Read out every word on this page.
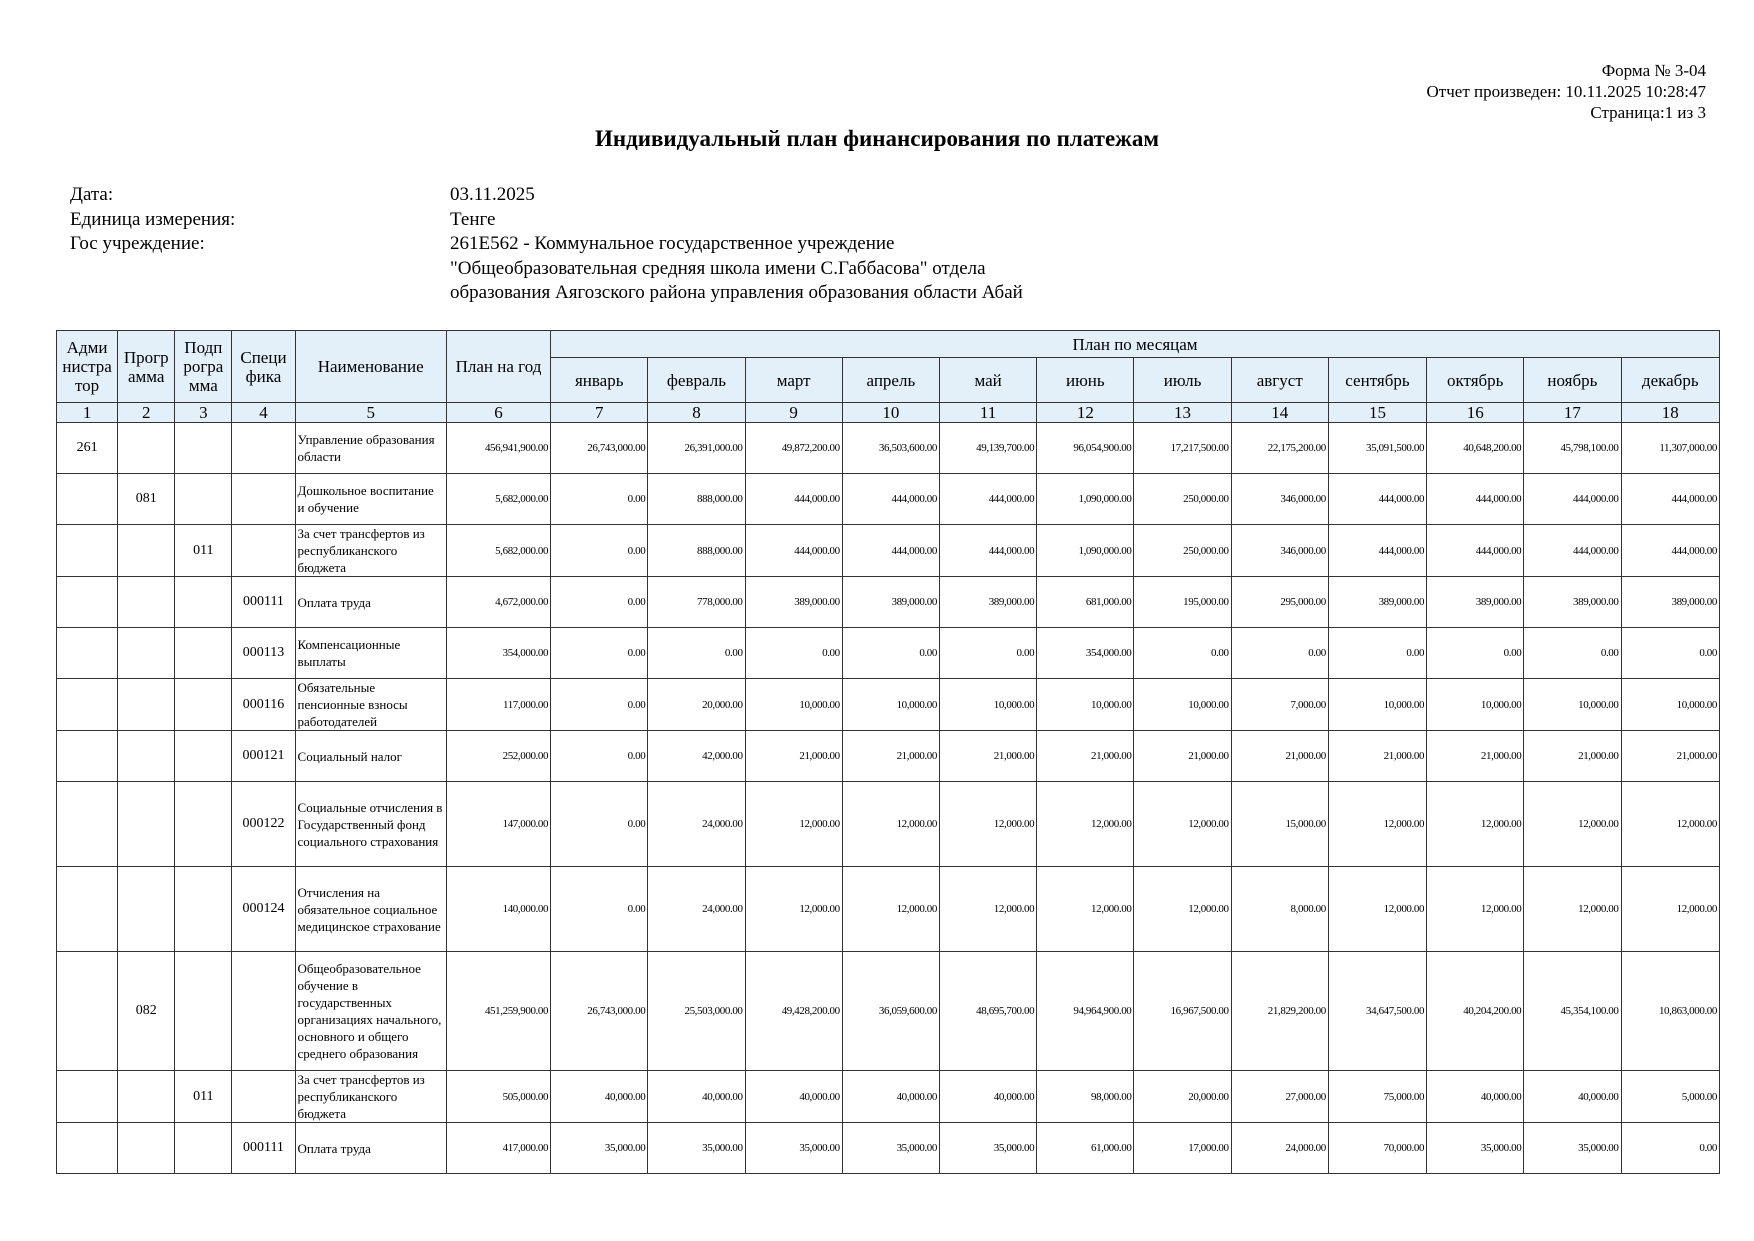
Форма № 3-04
Отчет произведен: 10.11.2025 10:28:47
Страница:1 из 3
Индивидуальный план финансирования по платежам
Дата:	03.11.2025
Единица измерения:	Тенге
Гос учреждение:	261E562 - Коммунальное государственное учреждение
"Общеобразовательная средняя школа имени С.Габбасова" отдела
образования Аягозского района управления образования области Абай
Адми нистра тор	Прогр амма	Подп рогра мма	Специ фика	Наименование	План на год	План по месяцам											
						январь	февраль	март	апрель	май	июнь	июль	август	сентябрь	октябрь	ноябрь	декабрь
1	2	3	4	5	6	7	8	9	10	11	12	13	14	15	16	17	18
261				Управление образования области	456,941,900.00	26,743,000.00	26,391,000.00	49,872,200.00	36,503,600.00	49,139,700.00	96,054,900.00	17,217,500.00	22,175,200.00	35,091,500.00	40,648,200.00	45,798,100.00	11,307,000.00
	081			Дошкольное воспитание и обучение	5,682,000.00	0.00	888,000.00	444,000.00	444,000.00	444,000.00	1,090,000.00	250,000.00	346,000.00	444,000.00	444,000.00	444,000.00	444,000.00
		011		За счет трансфертов из республиканского бюджета	5,682,000.00	0.00	888,000.00	444,000.00	444,000.00	444,000.00	1,090,000.00	250,000.00	346,000.00	444,000.00	444,000.00	444,000.00	444,000.00
			000111	Оплата труда	4,672,000.00	0.00	778,000.00	389,000.00	389,000.00	389,000.00	681,000.00	195,000.00	295,000.00	389,000.00	389,000.00	389,000.00	389,000.00
			000113	Компенсационные выплаты	354,000.00	0.00	0.00	0.00	0.00	0.00	354,000.00	0.00	0.00	0.00	0.00	0.00	0.00
			000116	Обязательные пенсионные взносы работодателей	117,000.00	0.00	20,000.00	10,000.00	10,000.00	10,000.00	10,000.00	10,000.00	7,000.00	10,000.00	10,000.00	10,000.00	10,000.00
			000121	Социальный налог	252,000.00	0.00	42,000.00	21,000.00	21,000.00	21,000.00	21,000.00	21,000.00	21,000.00	21,000.00	21,000.00	21,000.00	21,000.00
			000122	Социальные отчисления в Государственный фонд социального страхования	147,000.00	0.00	24,000.00	12,000.00	12,000.00	12,000.00	12,000.00	12,000.00	15,000.00	12,000.00	12,000.00	12,000.00	12,000.00
			000124	Отчисления на обязательное социальное медицинское страхование	140,000.00	0.00	24,000.00	12,000.00	12,000.00	12,000.00	12,000.00	12,000.00	8,000.00	12,000.00	12,000.00	12,000.00	12,000.00
	082			Общеобразовательное обучение в государственных организациях начального, основного и общего среднего образования	451,259,900.00	26,743,000.00	25,503,000.00	49,428,200.00	36,059,600.00	48,695,700.00	94,964,900.00	16,967,500.00	21,829,200.00	34,647,500.00	40,204,200.00	45,354,100.00	10,863,000.00
		011		За счет трансфертов из республиканского бюджета	505,000.00	40,000.00	40,000.00	40,000.00	40,000.00	40,000.00	98,000.00	20,000.00	27,000.00	75,000.00	40,000.00	40,000.00	5,000.00
			000111	Оплата труда	417,000.00	35,000.00	35,000.00	35,000.00	35,000.00	35,000.00	61,000.00	17,000.00	24,000.00	70,000.00	35,000.00	35,000.00	0.00
